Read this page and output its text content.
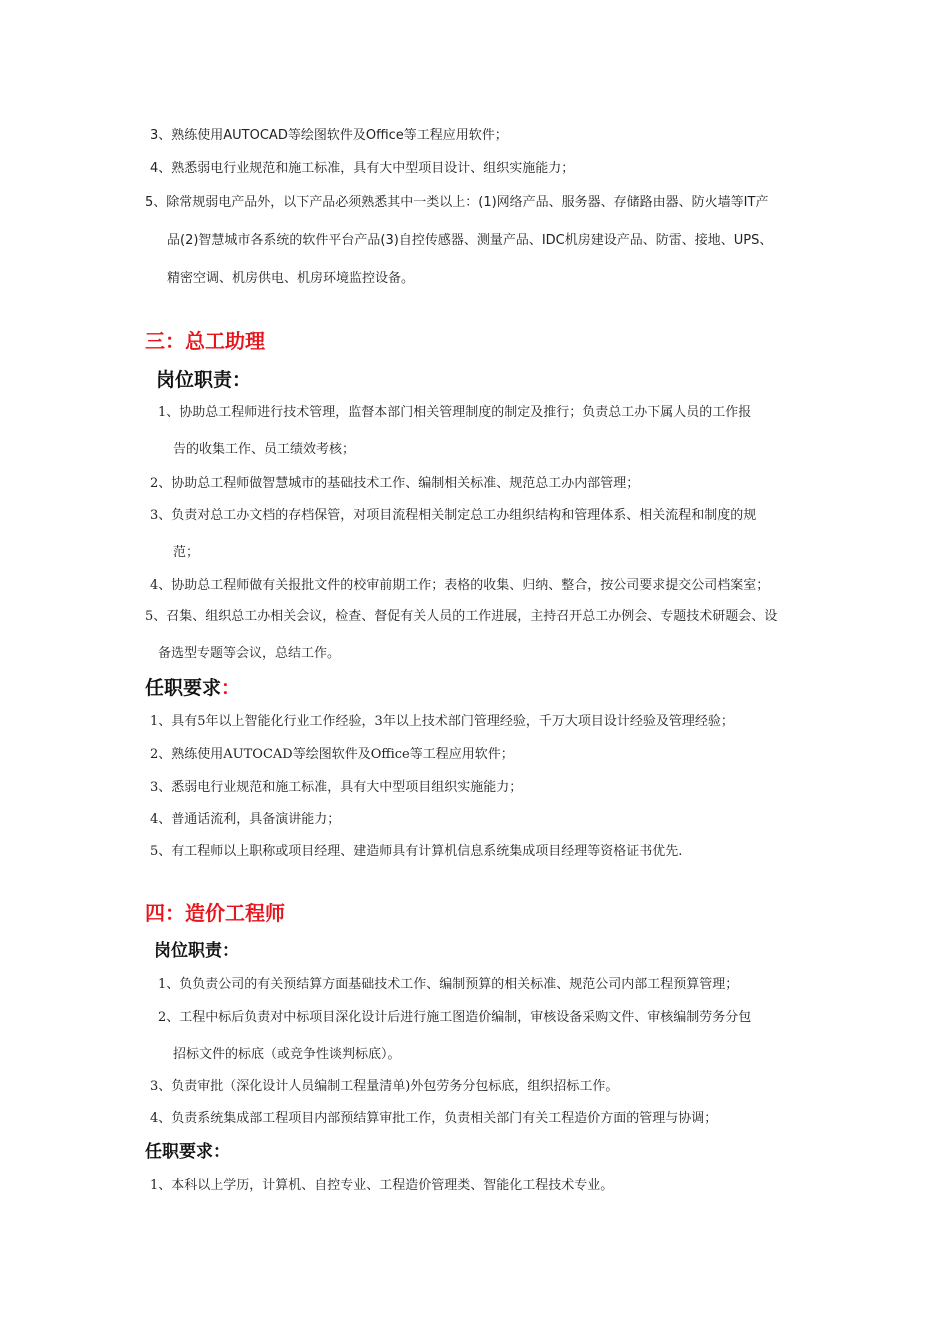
3、熟练使用AUTOCAD等绘图软件及Office等工程应用软件；
4、熟悉弱电行业规范和施工标准，具有大中型项目设计、组织实施能力；
5、除常规弱电产品外，以下产品必须熟悉其中一类以上：(1)网络产品、服务器、存储路由器、防火墙等IT产
品(2)智慧城市各系统的软件平台产品(3)自控传感器、测量产品、IDC机房建设产品、防雷、接地、UPS、
精密空调、机房供电、机房环境监控设备。
三：总工助理
岗位职责：
1、协助总工程师进行技术管理，监督本部门相关管理制度的制定及推行；负责总工办下属人员的工作报
告的收集工作、员工绩效考核；
2、协助总工程师做智慧城市的基础技术工作、编制相关标准、规范总工办内部管理；
3、负责对总工办文档的存档保管，对项目流程相关制定总工办组织结构和管理体系、相关流程和制度的规
范；
4、协助总工程师做有关报批文件的校审前期工作；表格的收集、归纳、整合，按公司要求提交公司档案室；
5、召集、组织总工办相关会议，检查、督促有关人员的工作进展，主持召开总工办例会、专题技术研题会、设
备选型专题等会议，总结工作。
任职要求：
1、具有5年以上智能化行业工作经验，3年以上技术部门管理经验，千万大项目设计经验及管理经验；
2、熟练使用AUTOCAD等绘图软件及Office等工程应用软件；
3、悉弱电行业规范和施工标准，具有大中型项目组织实施能力；
4、普通话流利，具备演讲能力；
5、有工程师以上职称或项目经理、建造师具有计算机信息系统集成项目经理等资格证书优先.
四：造价工程师
岗位职责：
1、负负责公司的有关预结算方面基础技术工作、编制预算的相关标准、规范公司内部工程预算管理；
2、工程中标后负责对中标项目深化设计后进行施工图造价编制，审核设备采购文件、审核编制劳务分包
招标文件的标底（或竞争性谈判标底）。
3、负责审批（深化设计人员编制工程量清单)外包劳务分包标底，组织招标工作。
4、负责系统集成部工程项目内部预结算审批工作，负责相关部门有关工程造价方面的管理与协调；
任职要求：
1、本科以上学历，计算机、自控专业、工程造价管理类、智能化工程技术专业。
